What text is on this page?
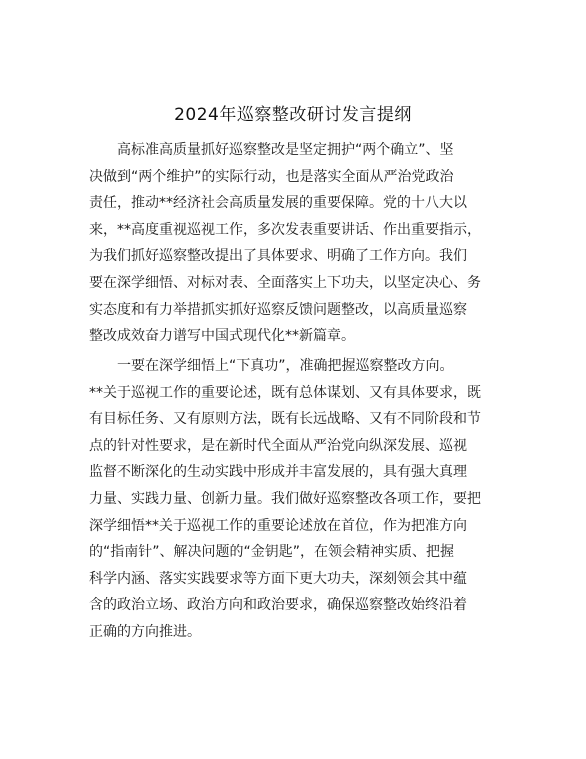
2024年巡察整改研讨发言提纲
高标准高质量抓好巡察整改是坚定拥护“两个确立”、坚
决做到“两个维护”的实际行动，也是落实全面从严治党政治
责任，推动**经济社会高质量发展的重要保障。党的十八大以
来，**高度重视巡视工作，多次发表重要讲话、作出重要指示，
为我们抓好巡察整改提出了具体要求、明确了工作方向。我们
要在深学细悟、对标对表、全面落实上下功夫，以坚定决心、务
实态度和有力举措抓实抓好巡察反馈问题整改，以高质量巡察
整改成效奋力谱写中国式现代化**新篇章。
一要在深学细悟上“下真功”，准确把握巡察整改方向。
**关于巡视工作的重要论述，既有总体谋划、又有具体要求，既
有目标任务、又有原则方法，既有长远战略、又有不同阶段和节
点的针对性要求，是在新时代全面从严治党向纵深发展、巡视
监督不断深化的生动实践中形成并丰富发展的，具有强大真理
力量、实践力量、创新力量。我们做好巡察整改各项工作，要把
深学细悟**关于巡视工作的重要论述放在首位，作为把准方向
的“指南针”、解决问题的“金钥匙”，在领会精神实质、把握
科学内涵、落实实践要求等方面下更大功夫，深刻领会其中蕴
含的政治立场、政治方向和政治要求，确保巡察整改始终沿着
正确的方向推进。
